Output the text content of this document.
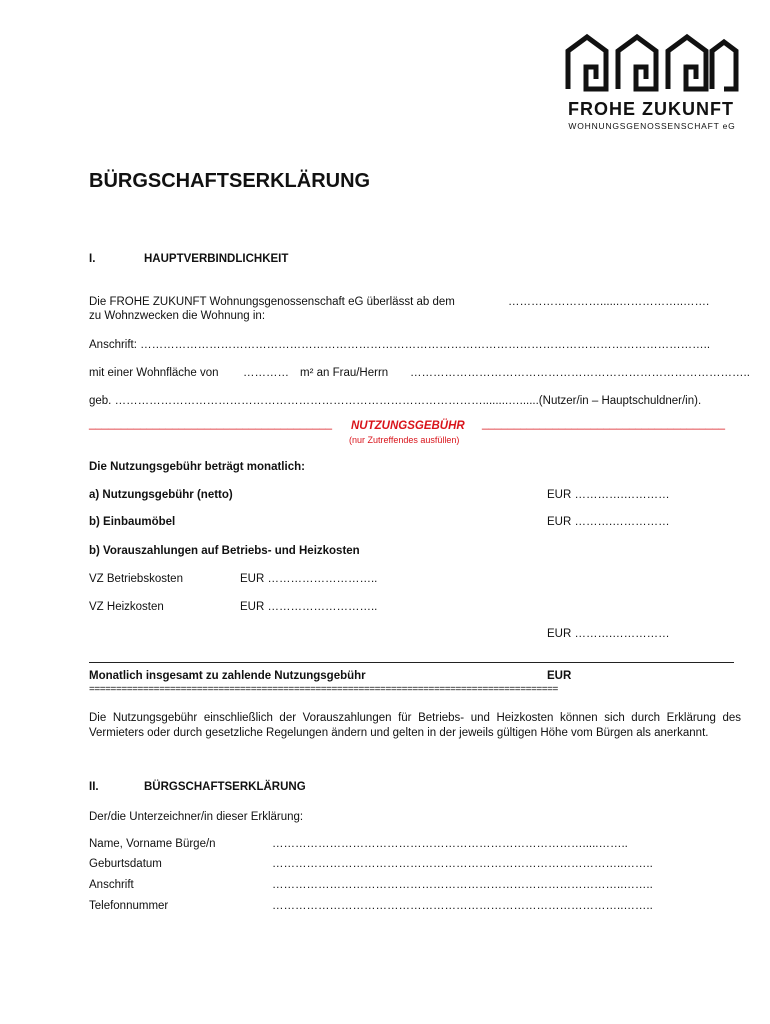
FROHE ZUKUNFT
WOHNUNGSGENOSSENSCHAFT eG
BÜRGSCHAFTSERKLÄRUNG
I.	HAUPTVERBINDLICHKEIT
Die FROHE ZUKUNFT Wohnungsgenossenschaft eG überlässt ab dem	……………………......……………..…….
zu Wohnzwecken die Wohnung in:
Anschrift: …………………………………………………………………………………………………………………………………..
mit einer Wohnfläche von ………… m² an Frau/Herrn ……………………………………………………………………………..
geb. ……………………………………………………………………………………........…......(Nutzer/in – Hauptschuldner/in).
______________________________________ NUTZUNGSGEBÜHR ______________________________________
(nur Zutreffendes ausfüllen)
Die Nutzungsgebühr beträgt monatlich:
a) Nutzungsgebühr (netto)	EUR ………….…………
b) Einbaumöbel	EUR ……….……………
b) Vorauszahlungen auf Betriebs- und Heizkosten
VZ Betriebskosten	EUR ………………………..
VZ Heizkosten	EUR ………………………..
EUR ……….……………
Monatlich insgesamt zu zahlende Nutzungsgebühr	EUR
=======================================================================================
Die Nutzungsgebühr einschließlich der Vorauszahlungen für Betriebs- und Heizkosten können sich durch Erklärung des Vermieters oder durch gesetzliche Regelungen ändern und gelten in der jeweils gültigen Höhe vom Bürgen als anerkannt.
II.	BÜRGSCHAFTSERKLÄRUNG
Der/die Unterzeichner/in dieser Erklärung:
Name, Vorname Bürge/n	……………………………………………………………………….....……..
Geburtsdatum	………………………………………………………………………………..……..
Anschrift	………………………………………………………………………………..……..
Telefonnummer	………………………………………………………………………………..……..
